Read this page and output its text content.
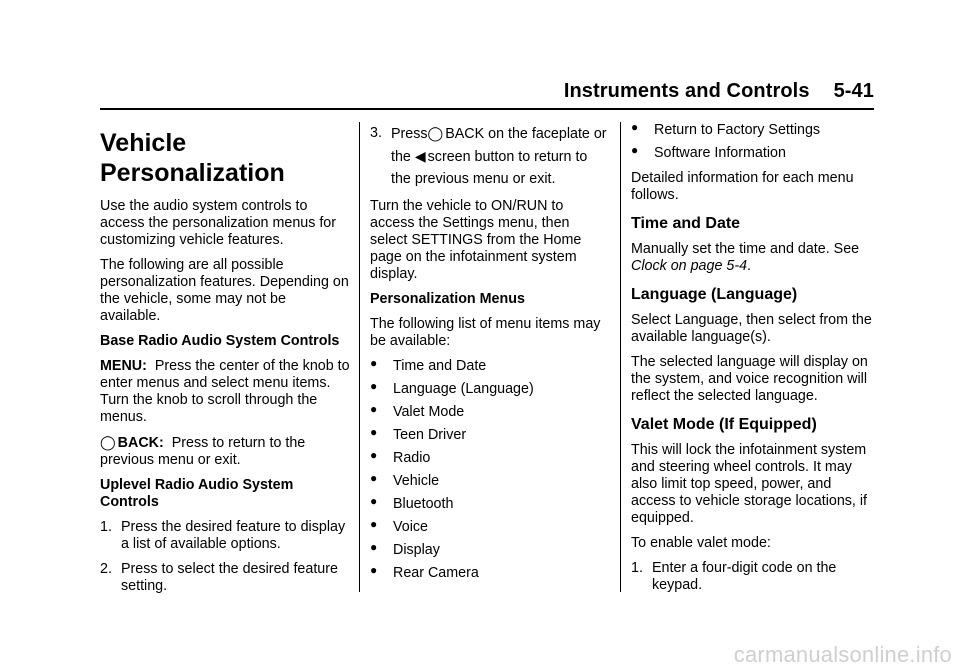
Instruments and Controls 5-41
Vehicle
Personalization

Use the audio system controls to access the personalization menus for customizing vehicle features.

The following are all possible personalization features. Depending on the vehicle, some may not be available.

Base Radio Audio System Controls

MENU: Press the center of the knob to enter menus and select menu items. Turn the knob to scroll through the menus.

◯ BACK: Press to return to the previous menu or exit.

Uplevel Radio Audio System Controls

1. Press the desired feature to display a list of available options.
2. Press to select the desired feature setting.
3. Press◯ BACK on the faceplate or the ◀ screen button to return to the previous menu or exit.

Turn the vehicle to ON/RUN to access the Settings menu, then select SETTINGS from the Home page on the infotainment system display.

Personalization Menus

The following list of menu items may be available:

● Time and Date
● Language (Language)
● Valet Mode
● Teen Driver
● Radio
● Vehicle
● Bluetooth
● Voice
● Display
● Rear Camera
● Return to Factory Settings
● Software Information

Detailed information for each menu follows.

Time and Date

Manually set the time and date. See
Clock on page 5-4.

Language (Language)

Select Language, then select from the available language(s).

The selected language will display on the system, and voice recognition will reflect the selected language.

Valet Mode (If Equipped)

This will lock the infotainment system and steering wheel controls. It may also limit top speed, power, and access to vehicle storage locations, if equipped.

To enable valet mode:

1. Enter a four-digit code on the keypad.
carmanualsonline.info
